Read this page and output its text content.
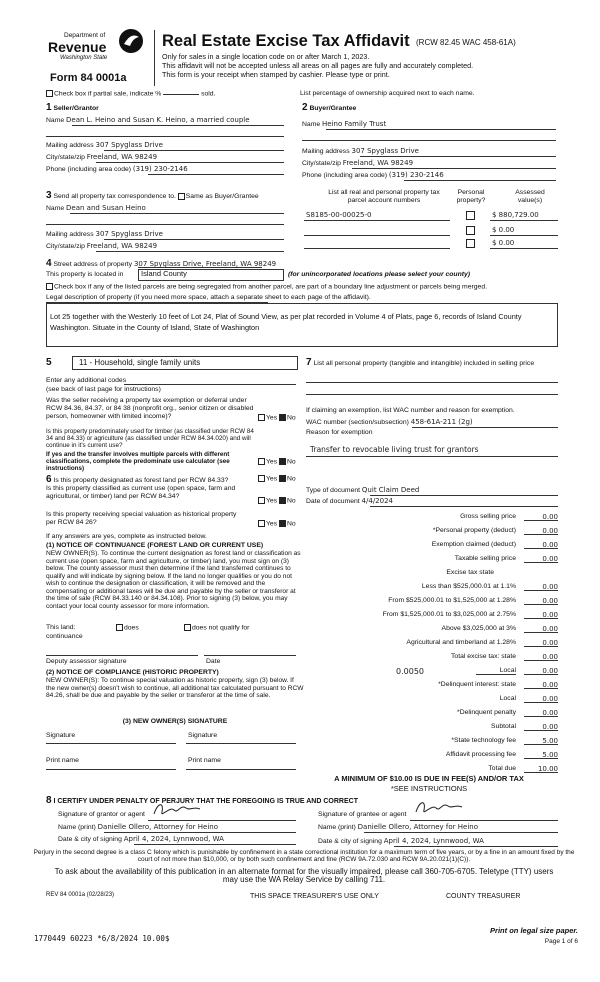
Department of
Revenue
Washington State
Form 84 0001a
Real Estate Excise Tax Affidavit (RCW 82.45 WAC 458-61A)
Only for sales in a single location code on or after March 1, 2023.
This affidavit will not be accepted unless all areas on all pages are fully and accurately completed.
This form is your receipt when stamped by cashier. Please type or print.
Check box if partial sale, indicate %	sold.	List percentage of ownership acquired next to each name.
1 Seller/Grantor
Name Dean L. Heino and Susan K. Heino, a married couple
Mailing address 307 Spyglass Drive
City/state/zip Freeland, WA 98249
Phone (including area code) (319) 230-2146
2 Buyer/Grantee
Name Heino Family Trust
Mailing address 307 Spyglass Drive
City/state/zip Freeland, WA 98249
Phone (including area code) (319) 230-2146
3 Send all property tax correspondence to. Same as Buyer/Grantee
Name Dean and Susan Heino
Mailing address 307 Spyglass Drive
City/state/zip Freeland, WA 98249
List all real and personal property tax
parcel account numbers
Personal
property?
Assessed
value(s)
S8185-00-00025-0	$ 880,729.00
$ 0.00
$ 0.00
4 Street address of property 307 Spyglass Drive, Freeland, WA 98249
This property is located in	Island County	(for unincorporated locations please select your county)
Check box if any of the listed parcels are being segregated from another parcel, are part of a boundary line adjustment or parcels being merged.
Legal description of property (if you need more space, attach a separate sheet to each page of the affidavit).
Lot 25 together with the Westerly 10 feet of Lot 24, Plat of Sound View, as per plat recorded in Volume 4 of Plats, page 6, records of Island County Washington. Situate in the County of Island, State of Washington
5	11 - Household, single family units
Enter any additional codes
(see back of last page for instructions)
Was the seller receiving a property tax exemption or deferral under RCW 84.36, 84.37, or 84 38 (nonprofit org., senior citizen or disabled person, homeowner with limited income)?	Yes No
Is this property predominately used for timber (as classified under RCW 84 34 and 84.33) or agriculture (as classified under RCW 84.34.020) and will continue in it's current use?
If yes and the transfer involves multiple parcels with different classifications, complete the predominate use calculator (see instructions)
Yes No
6 Is this property designated as forest land per RCW 84.33?	Yes No
Is this property classified as current use (open space, farm and agricultural, or timber) land per RCW 84.34?
Yes No
Is this property receiving special valuation as historical property per RCW 84 26?	Yes No
If any answers are yes, complete as instructed below.
(1) NOTICE OF CONTINUANCE (FOREST LAND OR CURRENT USE)
NEW OWNER(S). To continue the current designation as forest land or classification as current use (open space, farm and agriculture, or timber) land, you must sign on (3) below. The county assessor must then determine if the land transferred continues to qualify and will indicate by signing below. If the land no longer qualifies or you do not wish to continue the designation or classification, it will be removed and the compensating or additional taxes will be due and payable by the seller or transferor at the time of sale (RCW 84.33.140 or 84.34.108). Prior to signing (3) below, you may contact your local county assessor for more information.
This land:	does	does not qualify for
continuance
Deputy assessor signature	Date
(2) NOTICE OF COMPLIANCE (HISTORIC PROPERTY)
NEW OWNER(S): To continue special valuation as historic property, sign (3) below. If the new owner(s) doesn't wish to continue, all additional tax calculated pursuant to RCW 84.26, shall be due and payable by the seller or transferor at the time of sale.
(3) NEW OWNER(S) SIGNATURE
Signature	Signature
Print name	Print name
7 List all personal property (tangible and intangible) included in selling price
If claiming an exemption, list WAC number and reason for exemption.
WAC number (section/subsection) 458-61A-211 (2g)
Reason for exemption
Transfer to revocable living trust for grantors
Type of document Quit Claim Deed
Date of document 4/4/2024
Gross selling price	0.00
*Personal property (deduct)	0.00
Exemption claimed (deduct)	0.00
Taxable selling price	0.00
Excise tax state
Less than $525,000.01 at 1.1%	0.00
From $525,000.01 to $1,525,000 at 1.28%	0.00
From $1,525,000.01 to $3,025,000 at 2.75%	0.00
Above $3,025,000 at 3%	0.00
Agricultural and timberland at 1.28%	0.00
Total excise tax: state	0.00
0.0050	Local	0.00
*Delinquent interest: state	0.00
Local	0.00
*Delinquent penalty	0.00
Subtotal	0.00
*State technology fee	5.00
Affidavit processing fee	5.00
Total due	10.00
A MINIMUM OF $10.00 IS DUE IN FEE(S) AND/OR TAX
*SEE INSTRUCTIONS
8 I CERTIFY UNDER PENALTY OF PERJURY THAT THE FOREGOING IS TRUE AND CORRECT
Signature of grantor or agent
Name (print) Danielle Ollero, Attorney for Heino
Date & city of signing April 4, 2024, Lynnwood, WA
Signature of grantee or agent
Name (print) Danielle Ollero, Attorney for Heino
Date & city of signing April 4, 2024, Lynnwood, WA
Perjury in the second degree is a class C felony which is punishable by confinement in a state correctional institution for a maximum term of five years, or by a fine in an amount fixed by the court of not more than $10,000, or by both such confinement and fine (RCW 9A.72.030 and RCW 9A.20.021(1)(C)).
To ask about the availability of this publication in an alternate format for the visually impaired, please call 360-705-6705. Teletype (TTY) users may use the WA Relay Service by calling 711.
REV 84 0001a (02/28/23)	THIS SPACE TREASURER'S USE ONLY	COUNTY TREASURER
1770449 60223 *6/8/2024 10.00$
Print on legal size paper.
Page 1 of 6
